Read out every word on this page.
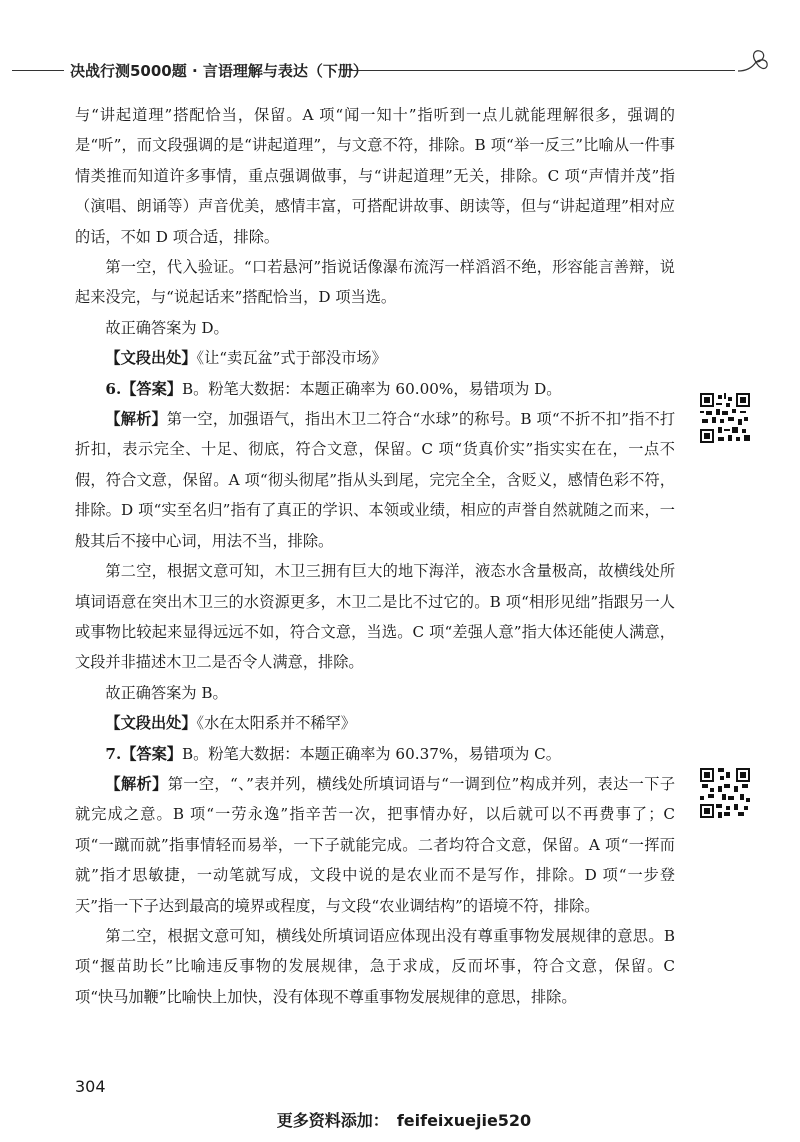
决战行测5000题 · 言语理解与表达（下册）

与“讲起道理”搭配恰当，保留。A 项“闻一知十”指听到一点儿就能理解很多，强调的是“听”，而文段强调的是“讲起道理”，与文意不符，排除。B 项“举一反三”比喻从一件事情类推而知道许多事情，重点强调做事，与“讲起道理”无关，排除。C 项“声情并茂”指（演唱、朗诵等）声音优美，感情丰富，可搭配讲故事、朗读等，但与“讲起道理”相对应的话，不如 D 项合适，排除。

第一空，代入验证。“口若悬河”指说话像瀑布流泻一样滔滔不绝，形容能言善辩，说起来没完，与“说起话来”搭配恰当，D 项当选。

故正确答案为 D。

【文段出处】《让“卖瓦盆”式于部没市场》

6.【答案】B。粉笔大数据：本题正确率为 60.00%，易错项为 D。

【解析】第一空，加强语气，指出木卫二符合“水球”的称号。B 项“不折不扣”指不打折扣，表示完全、十足、彻底，符合文意，保留。C 项“货真价实”指实实在在，一点不假，符合文意，保留。A 项“彻头彻尾”指从头到尾，完完全全，含贬义，感情色彩不符，排除。D 项“实至名归”指有了真正的学识、本领或业绩，相应的声誉自然就随之而来，一般其后不接中心词，用法不当，排除。

第二空，根据文意可知，木卫三拥有巨大的地下海洋，液态水含量极高，故横线处所填词语意在突出木卫三的水资源更多，木卫二是比不过它的。B 项“相形见绌”指跟另一人或事物比较起来显得远远不如，符合文意，当选。C 项“差强人意”指大体还能使人满意，文段并非描述木卫二是否令人满意，排除。

故正确答案为 B。

【文段出处】《水在太阳系并不稀罕》

7.【答案】B。粉笔大数据：本题正确率为 60.37%，易错项为 C。

【解析】第一空，“、”表并列，横线处所填词语与“一调到位”构成并列，表达一下子就完成之意。B 项“一劳永逸”指辛苦一次，把事情办好，以后就可以不再费事了；C 项“一蹴而就”指事情轻而易举，一下子就能完成。二者均符合文意，保留。A 项“一挥而就”指才思敏捷，一动笔就写成，文段中说的是农业而不是写作，排除。D 项“一步登天”指一下子达到最高的境界或程度，与文段“农业调结构”的语境不符，排除。

第二空，根据文意可知，横线处所填词语应体现出没有尊重事物发展规律的意思。B 项“揠苗助长”比喻违反事物的发展规律，急于求成，反而坏事，符合文意，保留。C 项“快马加鞭”比喻快上加快，没有体现不尊重事物发展规律的意思，排除。

304
更多资料添加： feifeixuejie520
